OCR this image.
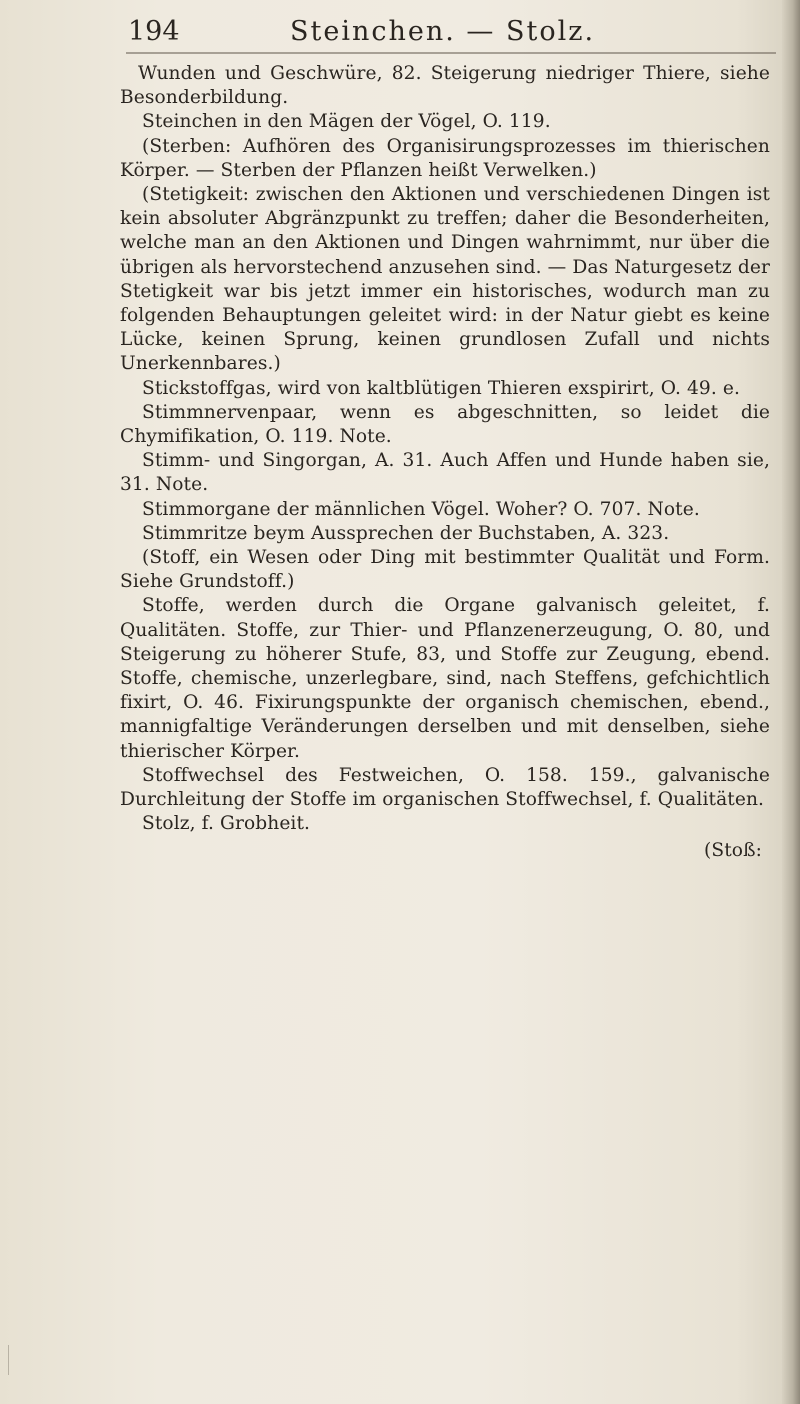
194	Steinchen. — Stolz.

Wunden und Geschwüre, 82. Steigerung niedriger Thiere, siehe Besonderbildung.

Steinchen in den Mägen der Vögel, O. 119.

(Sterben: Aufhören des Organisirungsprozesses im thierischen Körper. — Sterben der Pflanzen heißt Verwelken.)

(Stetigkeit: zwischen den Aktionen und verschiedenen Dingen ist kein absoluter Abgränzpunkt zu treffen; daher die Besonderheiten, welche man an den Aktionen und Dingen wahrnimmt, nur über die übrigen als hervorstechend anzusehen sind. — Das Naturgesetz der Stetigkeit war bis jetzt immer ein historisches, wodurch man zu folgenden Behauptungen geleitet wird: in der Natur giebt es keine Lücke, keinen Sprung, keinen grundlosen Zufall und nichts Unerkennbares.)

Stickstoffgas, wird von kaltblütigen Thieren exspirirt, O. 49. e.

Stimmnervenpaar, wenn es abgeschnitten, so leidet die Chymifikation, O. 119. Note.

Stimm- und Singorgan, A. 31. Auch Affen und Hunde haben sie, 31. Note.

Stimmorgane der männlichen Vögel. Woher? O. 707. Note.

Stimmritze beym Aussprechen der Buchstaben, A. 323.

(Stoff, ein Wesen oder Ding mit bestimmter Qualität und Form. Siehe Grundstoff.)

Stoffe, werden durch die Organe galvanisch geleitet, f. Qualitäten. Stoffe, zur Thier- und Pflanzenerzeugung, O. 80, und Steigerung zu höherer Stufe, 83, und Stoffe zur Zeugung, ebend. Stoffe, chemische, unzerlegbare, sind, nach Steffens, gefchichtlich fixirt, O. 46. Fixirungspunkte der organisch chemischen, ebend., mannigfaltige Veränderungen derselben und mit denselben, siehe thierischer Körper.

Stoffwechsel des Festweichen, O. 158. 159., galvanische Durchleitung der Stoffe im organischen Stoffwechsel, f. Qualitäten.

Stolz, f. Grobheit.

(Stoß:
